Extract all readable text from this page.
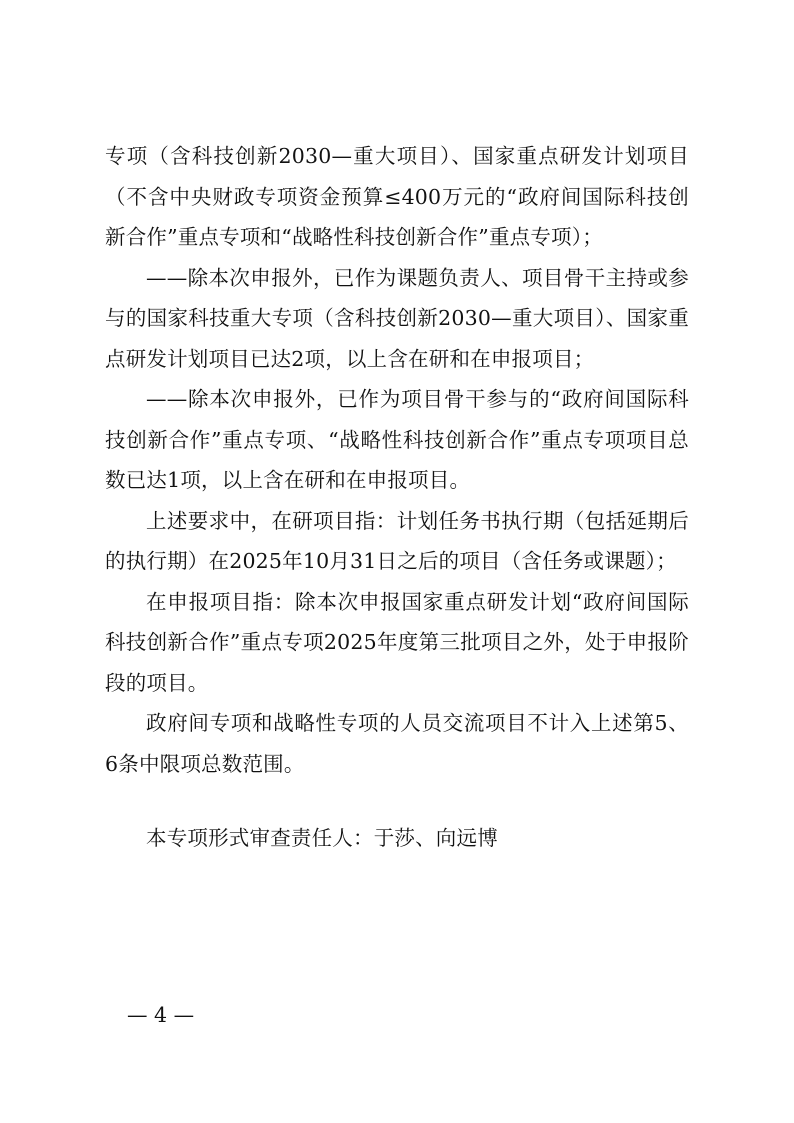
专项（含科技创新2030—重大项目）、国家重点研发计划项目（不含中央财政专项资金预算≤400万元的“政府间国际科技创新合作”重点专项和“战略性科技创新合作”重点专项）；

——除本次申报外，已作为课题负责人、项目骨干主持或参与的国家科技重大专项（含科技创新2030—重大项目）、国家重点研发计划项目已达2项，以上含在研和在申报项目；

——除本次申报外，已作为项目骨干参与的“政府间国际科技创新合作”重点专项、“战略性科技创新合作”重点专项项目总数已达1项，以上含在研和在申报项目。

上述要求中，在研项目指：计划任务书执行期（包括延期后的执行期）在2025年10月31日之后的项目（含任务或课题）；

在申报项目指：除本次申报国家重点研发计划“政府间国际科技创新合作”重点专项2025年度第三批项目之外，处于申报阶段的项目。

政府间专项和战略性专项的人员交流项目不计入上述第5、6条中限项总数范围。

本专项形式审查责任人：于莎、向远博

— 4 —
